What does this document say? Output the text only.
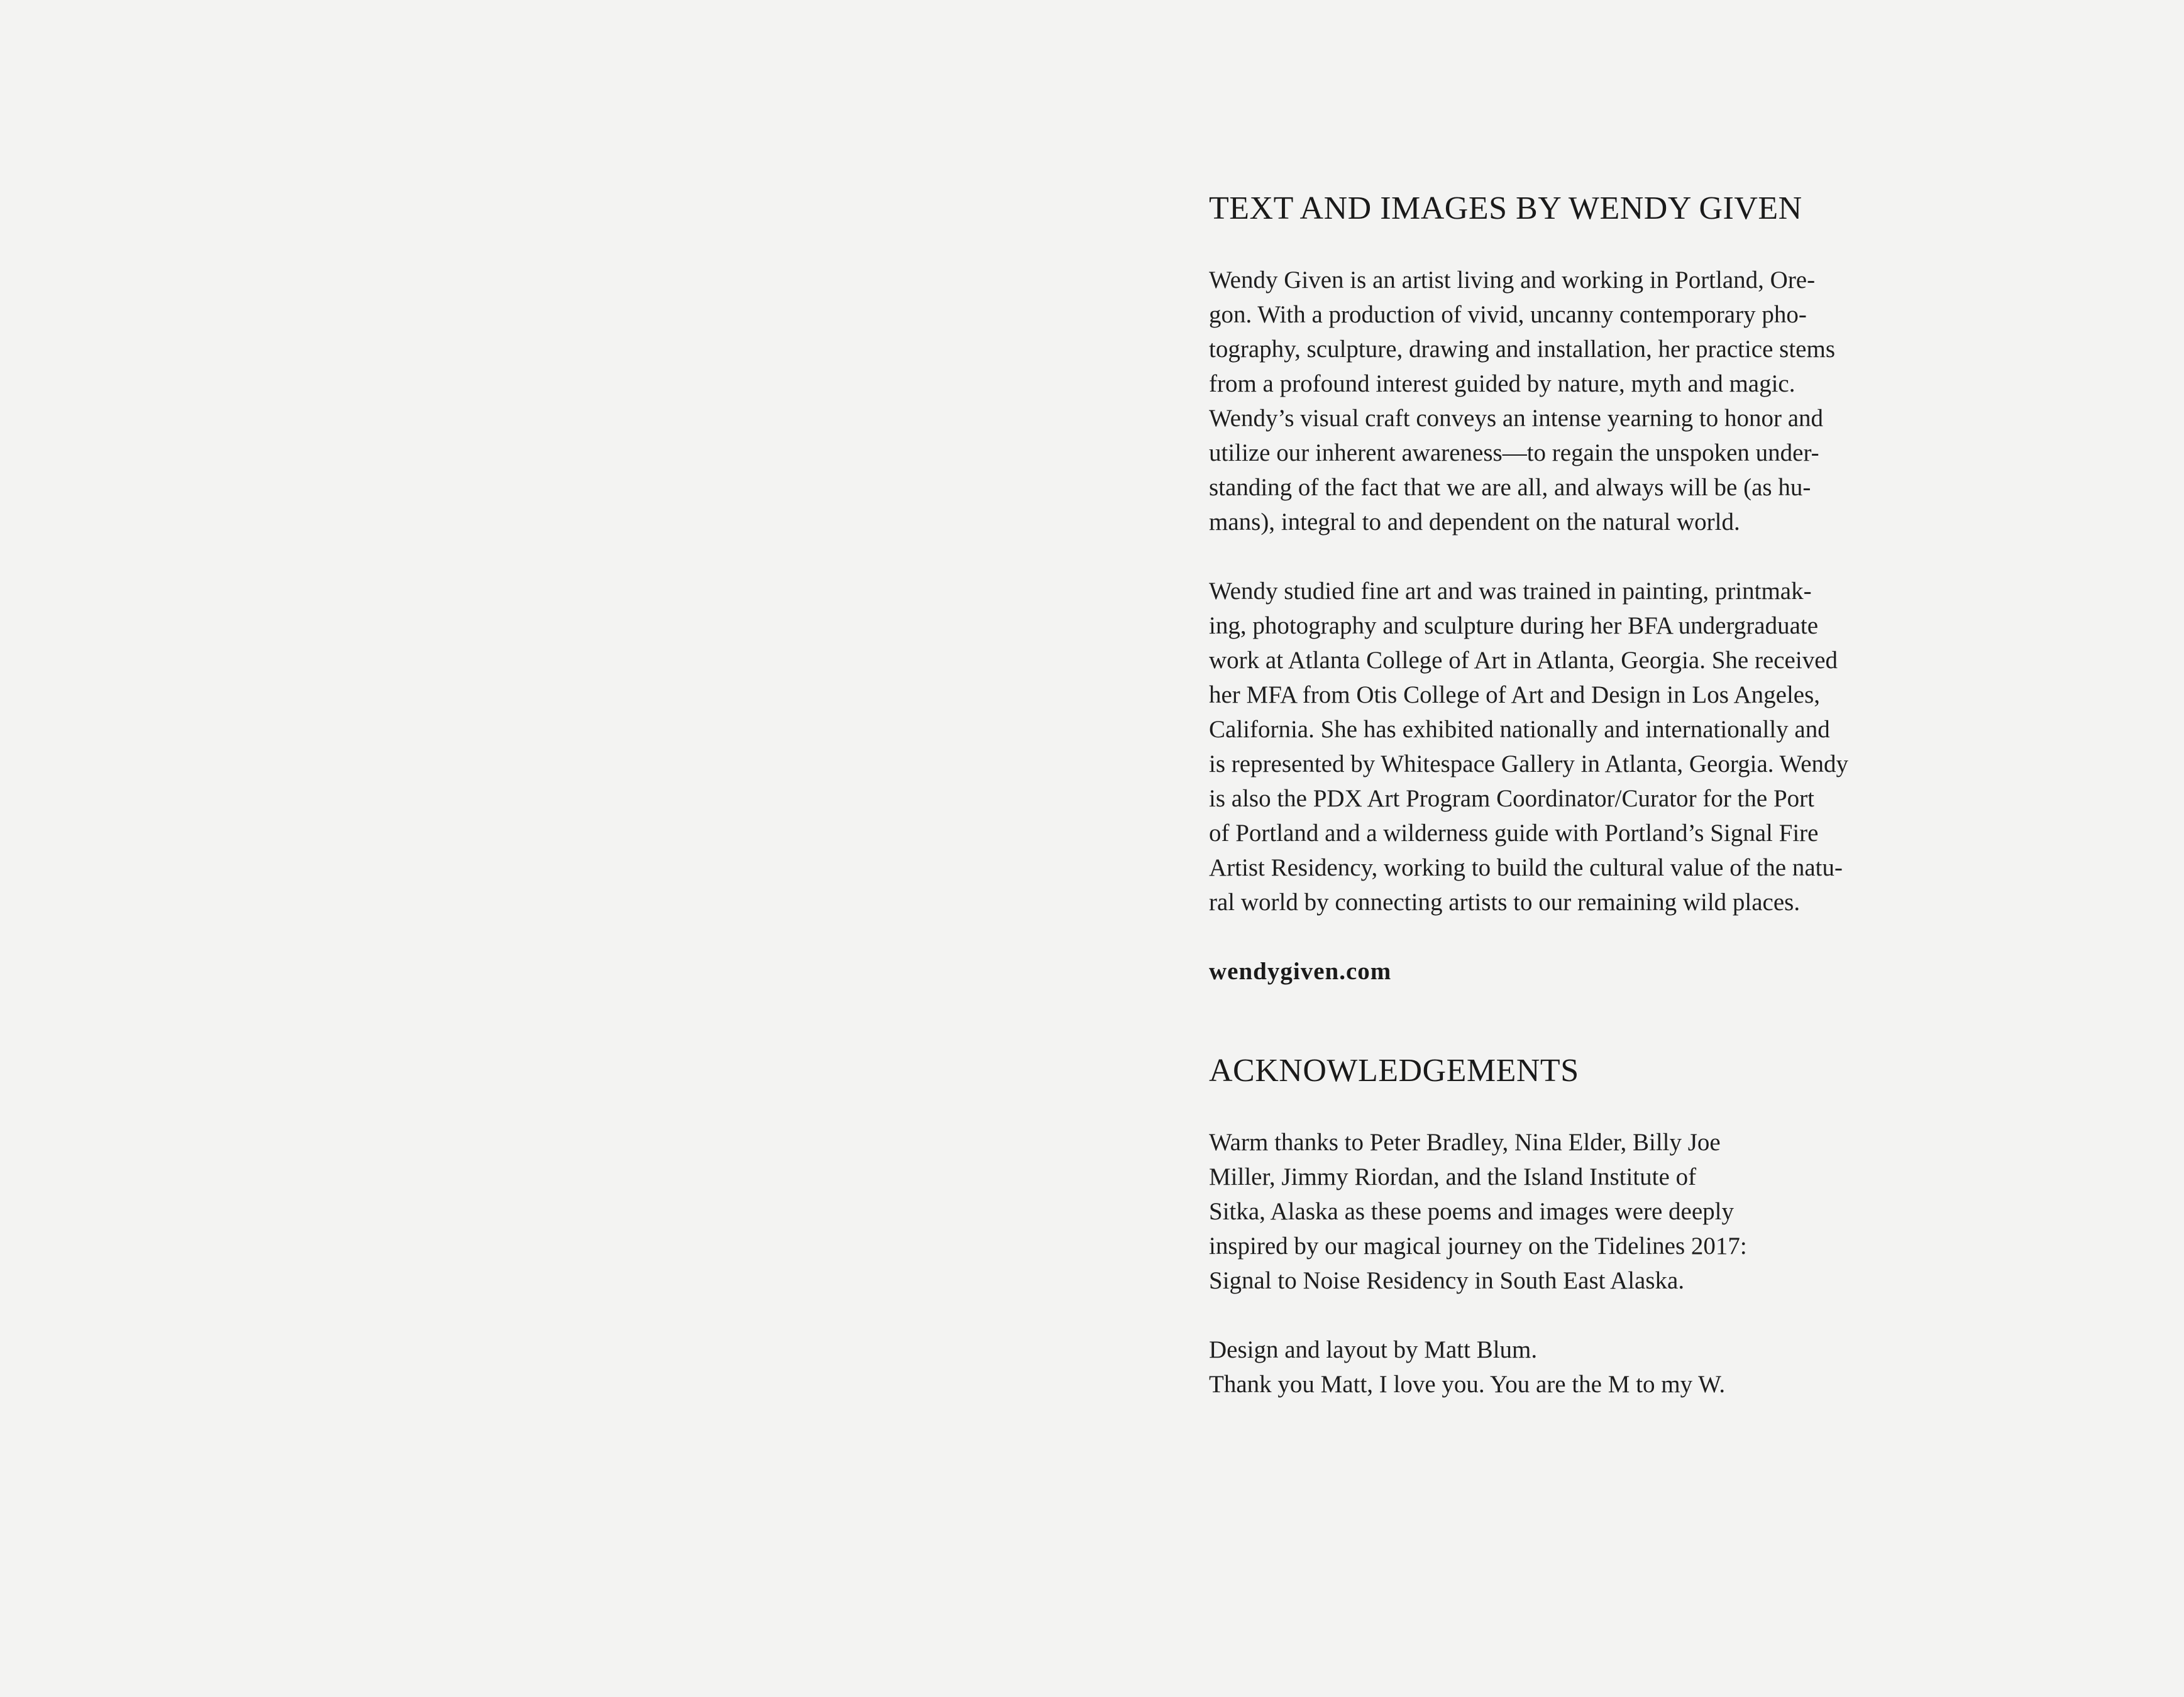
TEXT AND IMAGES BY WENDY GIVEN

Wendy Given is an artist living and working in Portland, Ore-
gon. With a production of vivid, uncanny contemporary pho-
tography, sculpture, drawing and installation, her practice stems
from a profound interest guided by nature, myth and magic.
Wendy’s visual craft conveys an intense yearning to honor and
utilize our inherent awareness—to regain the unspoken under-
standing of the fact that we are all, and always will be (as hu-
mans), integral to and dependent on the natural world.

Wendy studied fine art and was trained in painting, printmak-
ing, photography and sculpture during her BFA undergraduate
work at Atlanta College of Art in Atlanta, Georgia. She received
her MFA from Otis College of Art and Design in Los Angeles,
California. She has exhibited nationally and internationally and
is represented by Whitespace Gallery in Atlanta, Georgia. Wendy
is also the PDX Art Program Coordinator/Curator for the Port
of Portland and a wilderness guide with Portland’s Signal Fire
Artist Residency, working to build the cultural value of the natu-
ral world by connecting artists to our remaining wild places.

wendygiven.com
ACKNOWLEDGEMENTS

Warm thanks to Peter Bradley, Nina Elder, Billy Joe
Miller, Jimmy Riordan, and the Island Institute of
Sitka, Alaska as these poems and images were deeply
inspired by our magical journey on the Tidelines 2017:
Signal to Noise Residency in South East Alaska.

Design and layout by Matt Blum.
Thank you Matt, I love you. You are the M to my W.
